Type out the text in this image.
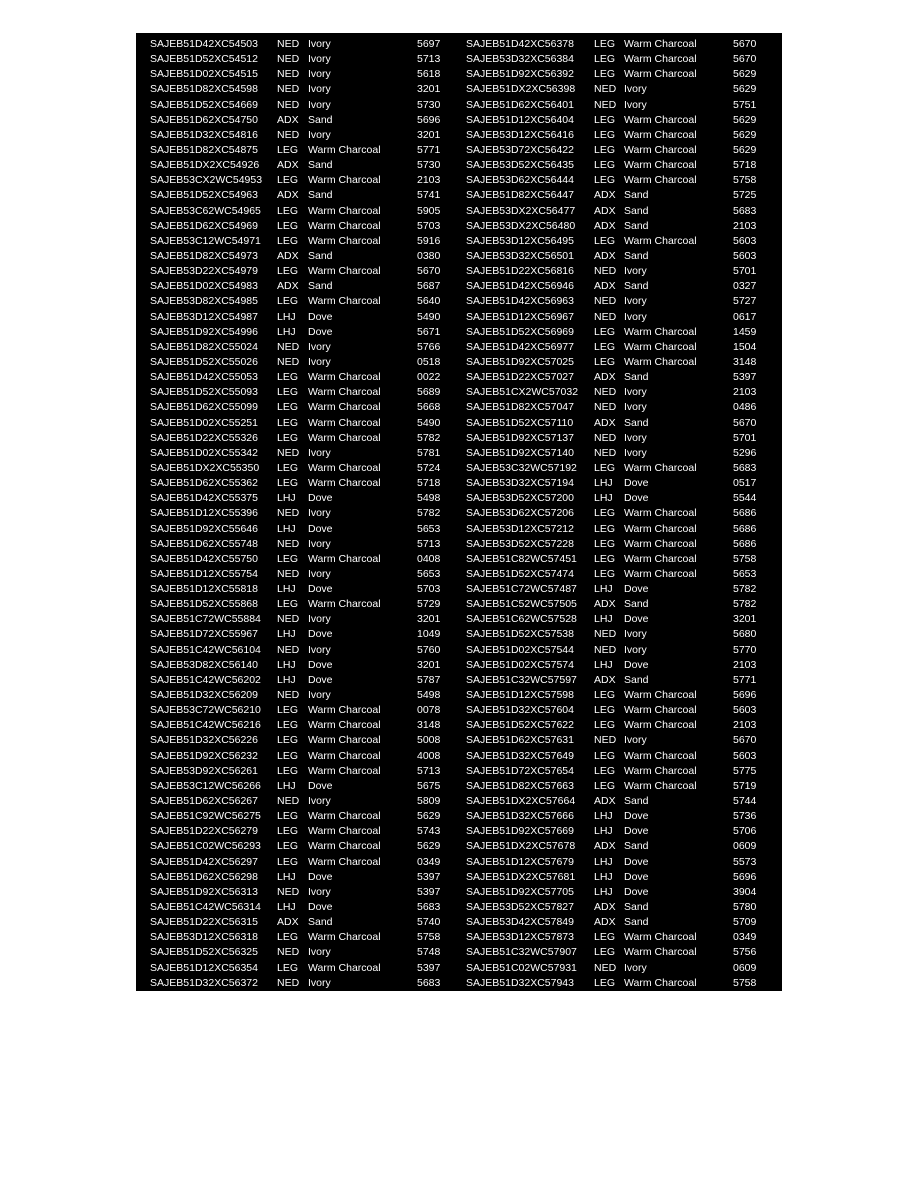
SAJEB51D42XC54503 NED Ivory	5697 SAJEB51D42XC56378 LEG Warm Charcoal	5670
SAJEB51D52XC54512 NED Ivory	5713 SAJEB53D32XC56384 LEG Warm Charcoal	5670
SAJEB51D02XC54515 NED Ivory	5618 SAJEB51D92XC56392 LEG Warm Charcoal	5629
SAJEB51D82XC54598 NED Ivory	3201 SAJEB51DX2XC56398 NED Ivory	5629
SAJEB51D52XC54669 NED Ivory	5730 SAJEB51D62XC56401 NED Ivory	5751
SAJEB51D62XC54750 ADX Sand	5696 SAJEB51D12XC56404 LEG Warm Charcoal	5629
SAJEB51D32XC54816 NED Ivory	3201 SAJEB53D12XC56416 LEG Warm Charcoal	5629
SAJEB51D82XC54875 LEG Warm Charcoal	5771 SAJEB53D72XC56422 LEG Warm Charcoal	5629
SAJEB51DX2XC54926 ADX Sand	5730 SAJEB53D52XC56435 LEG Warm Charcoal	5718
SAJEB53CX2WC54953 LEG Warm Charcoal	2103 SAJEB53D62XC56444 LEG Warm Charcoal	5758
SAJEB51D52XC54963 ADX Sand	5741 SAJEB51D82XC56447 ADX Sand	5725
SAJEB53C62WC54965 LEG Warm Charcoal	5905 SAJEB53DX2XC56477 ADX Sand	5683
SAJEB51D62XC54969 LEG Warm Charcoal	5703 SAJEB53DX2XC56480 ADX Sand	2103
SAJEB53C12WC54971 LEG Warm Charcoal	5916 SAJEB53D12XC56495 LEG Warm Charcoal	5603
SAJEB51D82XC54973 ADX Sand	0380 SAJEB53D32XC56501 ADX Sand	5603
SAJEB53D22XC54979 LEG Warm Charcoal	5670 SAJEB51D22XC56816 NED Ivory	5701
SAJEB51D02XC54983 ADX Sand	5687 SAJEB51D42XC56946 ADX Sand	0327
SAJEB53D82XC54985 LEG Warm Charcoal	5640 SAJEB51D42XC56963 NED Ivory	5727
SAJEB53D12XC54987 LHJ Dove	5490 SAJEB51D12XC56967 NED Ivory	0617
SAJEB51D92XC54996 LHJ Dove	5671 SAJEB51D52XC56969 LEG Warm Charcoal	1459
SAJEB51D82XC55024 NED Ivory	5766 SAJEB51D42XC56977 LEG Warm Charcoal	1504
SAJEB51D52XC55026 NED Ivory	0518 SAJEB51D92XC57025 LEG Warm Charcoal	3148
SAJEB51D42XC55053 LEG Warm Charcoal	0022 SAJEB51D22XC57027 ADX Sand	5397
SAJEB51D52XC55093 LEG Warm Charcoal	5689 SAJEB51CX2WC57032 NED Ivory	2103
SAJEB51D62XC55099 LEG Warm Charcoal	5668 SAJEB51D82XC57047 NED Ivory	0486
SAJEB51D02XC55251 LEG Warm Charcoal	5490 SAJEB51D52XC57110 ADX Sand	5670
SAJEB51D22XC55326 LEG Warm Charcoal	5782 SAJEB51D92XC57137 NED Ivory	5701
SAJEB51D02XC55342 NED Ivory	5781 SAJEB51D92XC57140 NED Ivory	5296
SAJEB51DX2XC55350 LEG Warm Charcoal	5724 SAJEB53C32WC57192 LEG Warm Charcoal	5683
SAJEB51D62XC55362 LEG Warm Charcoal	5718 SAJEB53D32XC57194 LHJ Dove	0517
SAJEB51D42XC55375 LHJ Dove	5498 SAJEB53D52XC57200 LHJ Dove	5544
SAJEB51D12XC55396 NED Ivory	5782 SAJEB53D62XC57206 LEG Warm Charcoal	5686
SAJEB51D92XC55646 LHJ Dove	5653 SAJEB53D12XC57212 LEG Warm Charcoal	5686
SAJEB51D62XC55748 NED Ivory	5713 SAJEB53D52XC57228 LEG Warm Charcoal	5686
SAJEB51D42XC55750 LEG Warm Charcoal	0408 SAJEB51C82WC57451 LEG Warm Charcoal	5758
SAJEB51D12XC55754 NED Ivory	5653 SAJEB51D52XC57474 LEG Warm Charcoal	5653
SAJEB51D12XC55818 LHJ Dove	5703 SAJEB51C72WC57487 LHJ Dove	5782
SAJEB51D52XC55868 LEG Warm Charcoal	5729 SAJEB51C52WC57505 ADX Sand	5782
SAJEB51C72WC55884 NED Ivory	3201 SAJEB51C62WC57528 LHJ Dove	3201
SAJEB51D72XC55967 LHJ Dove	1049 SAJEB51D52XC57538 NED Ivory	5680
SAJEB51C42WC56104 NED Ivory	5760 SAJEB51D02XC57544 NED Ivory	5770
SAJEB53D82XC56140 LHJ Dove	3201 SAJEB51D02XC57574 LHJ Dove	2103
SAJEB51C42WC56202 LHJ Dove	5787 SAJEB51C32WC57597 ADX Sand	5771
SAJEB51D32XC56209 NED Ivory	5498 SAJEB51D12XC57598 LEG Warm Charcoal	5696
SAJEB53C72WC56210 LEG Warm Charcoal	0078 SAJEB51D32XC57604 LEG Warm Charcoal	5603
SAJEB51C42WC56216 LEG Warm Charcoal	3148 SAJEB51D52XC57622 LEG Warm Charcoal	2103
SAJEB51D32XC56226 LEG Warm Charcoal	5008 SAJEB51D62XC57631 NED Ivory	5670
SAJEB51D92XC56232 LEG Warm Charcoal	4008 SAJEB51D32XC57649 LEG Warm Charcoal	5603
SAJEB53D92XC56261 LEG Warm Charcoal	5713 SAJEB51D72XC57654 LEG Warm Charcoal	5775
SAJEB53C12WC56266 LHJ Dove	5675 SAJEB51D82XC57663 LEG Warm Charcoal	5719
SAJEB51D62XC56267 NED Ivory	5809 SAJEB51DX2XC57664 ADX Sand	5744
SAJEB51C92WC56275 LEG Warm Charcoal	5629 SAJEB51D32XC57666 LHJ Dove	5736
SAJEB51D22XC56279 LEG Warm Charcoal	5743 SAJEB51D92XC57669 LHJ Dove	5706
SAJEB51C02WC56293 LEG Warm Charcoal	5629 SAJEB51DX2XC57678 ADX Sand	0609
SAJEB51D42XC56297 LEG Warm Charcoal	0349 SAJEB51D12XC57679 LHJ Dove	5573
SAJEB51D62XC56298 LHJ Dove	5397 SAJEB51DX2XC57681 LHJ Dove	5696
SAJEB51D92XC56313 NED Ivory	5397 SAJEB51D92XC57705 LHJ Dove	3904
SAJEB51C42WC56314 LHJ Dove	5683 SAJEB53D52XC57827 ADX Sand	5780
SAJEB51D22XC56315 ADX Sand	5740 SAJEB53D42XC57849 ADX Sand	5709
SAJEB53D12XC56318 LEG Warm Charcoal	5758 SAJEB53D12XC57873 LEG Warm Charcoal	0349
SAJEB51D52XC56325 NED Ivory	5748 SAJEB51C32WC57907 LEG Warm Charcoal	5756
SAJEB51D12XC56354 LEG Warm Charcoal	5397 SAJEB51C02WC57931 NED Ivory	0609
SAJEB51D32XC56372 NED Ivory	5683 SAJEB51D32XC57943 LEG Warm Charcoal	5758
